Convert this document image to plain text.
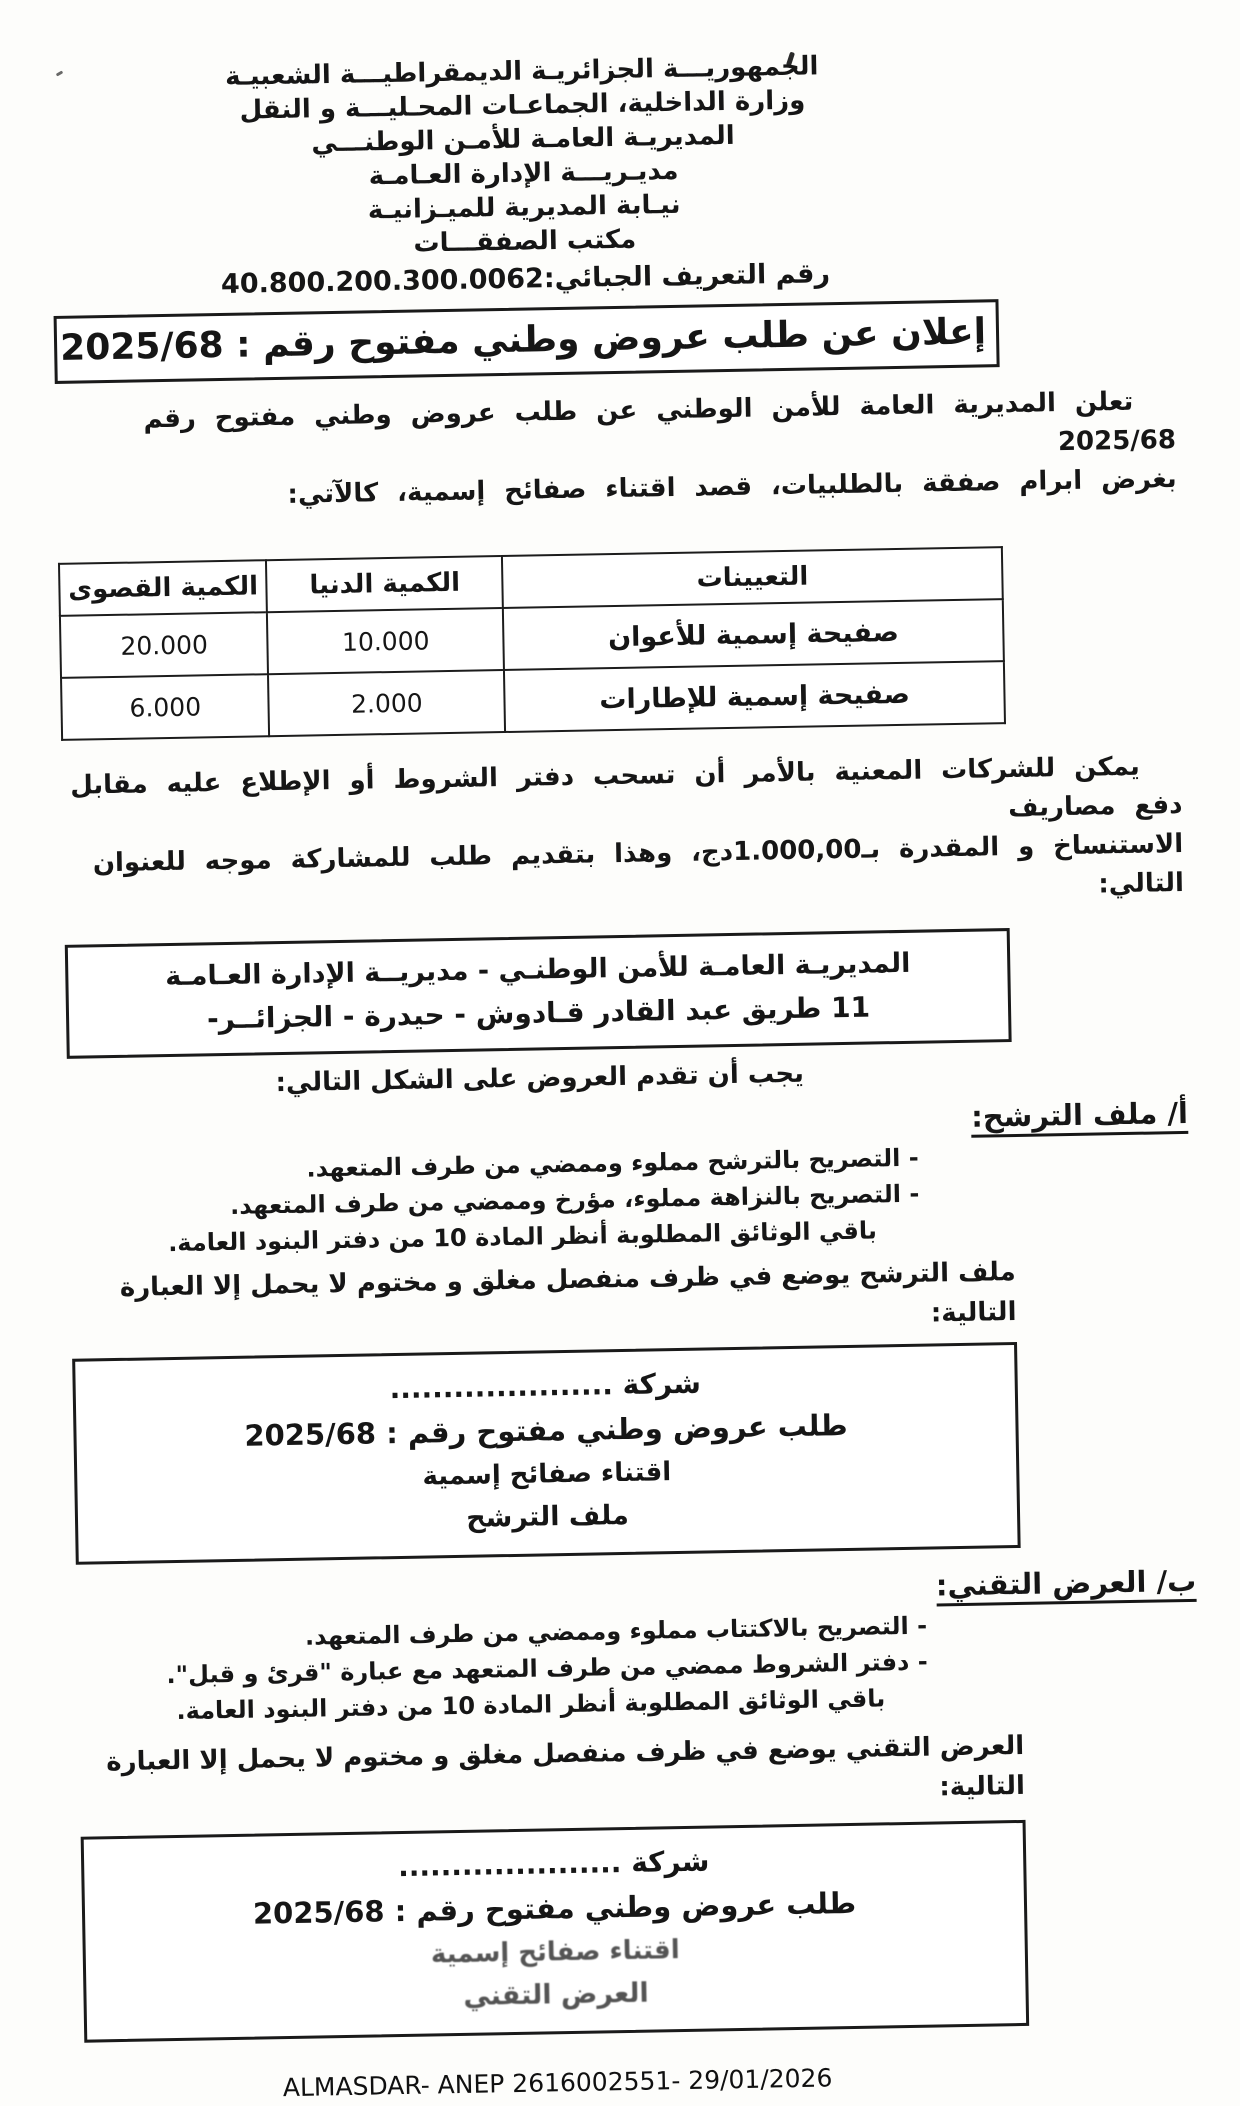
الجمهوريـــة الجزائريـة الديمقراطيـــة الشعبيـة
وزارة الداخلية، الجماعـات المحـليـــة و النقل
المديريـة العامـة للأمـن الوطنـــي
مديـريـــة الإدارة العـامـة
نيـابة المديرية للميـزانيـة
مكتب الصفقـــات
رقم التعريف الجبائي:40.800.200.300.0062
إعلان عن طلب عروض وطني مفتوح رقم : 2025/68
تعلن المديرية العامة للأمن الوطني عن طلب عروض وطني مفتوح رقم 2025/68
بغرض ابرام صفقة بالطلبيات، قصد اقتناء صفائح إسمية، كالآتي:
التعيينات	الكمية الدنيا	الكمية القصوى
صفيحة إسمية للأعوان	10.000	20.000
صفيحة إسمية للإطارات	2.000	6.000
يمكن للشركات المعنية بالأمر أن تسحب دفتر الشروط أو الإطلاع عليه مقابل دفع مصاريف
الاستنساخ و المقدرة بـ1.000,00دج، وهذا بتقديم طلب للمشاركة موجه للعنوان التالي:
المديريـة العامـة للأمن الوطنـي - مديريــة الإدارة العـامـة
11 طريق عبد القادر قـادوش - حيدرة - الجزائــر-
يجب أن تقدم العروض على الشكل التالي:
أ/ ملف الترشح:
- التصريح بالترشح مملوء وممضي من طرف المتعهد.
- التصريح بالنزاهة مملوء، مؤرخ وممضي من طرف المتعهد.
باقي الوثائق المطلوبة أنظر المادة 10 من دفتر البنود العامة.
ملف الترشح يوضع في ظرف منفصل مغلق و مختوم لا يحمل إلا العبارة التالية:
شركة .....................
طلب عروض وطني مفتوح رقم : 2025/68
اقتناء صفائح إسمية
ملف الترشح
ب/ العرض التقني:
- التصريح بالاكتتاب مملوء وممضي من طرف المتعهد.
- دفتر الشروط ممضي من طرف المتعهد مع عبارة "قرئ و قبل".
باقي الوثائق المطلوبة أنظر المادة 10 من دفتر البنود العامة.
العرض التقني يوضع في ظرف منفصل مغلق و مختوم لا يحمل إلا العبارة التالية:
شركة .....................
طلب عروض وطني مفتوح رقم : 2025/68
اقتناء صفائح إسمية
العرض التقني
ALMASDAR- ANEP 2616002551- 29/01/2026
